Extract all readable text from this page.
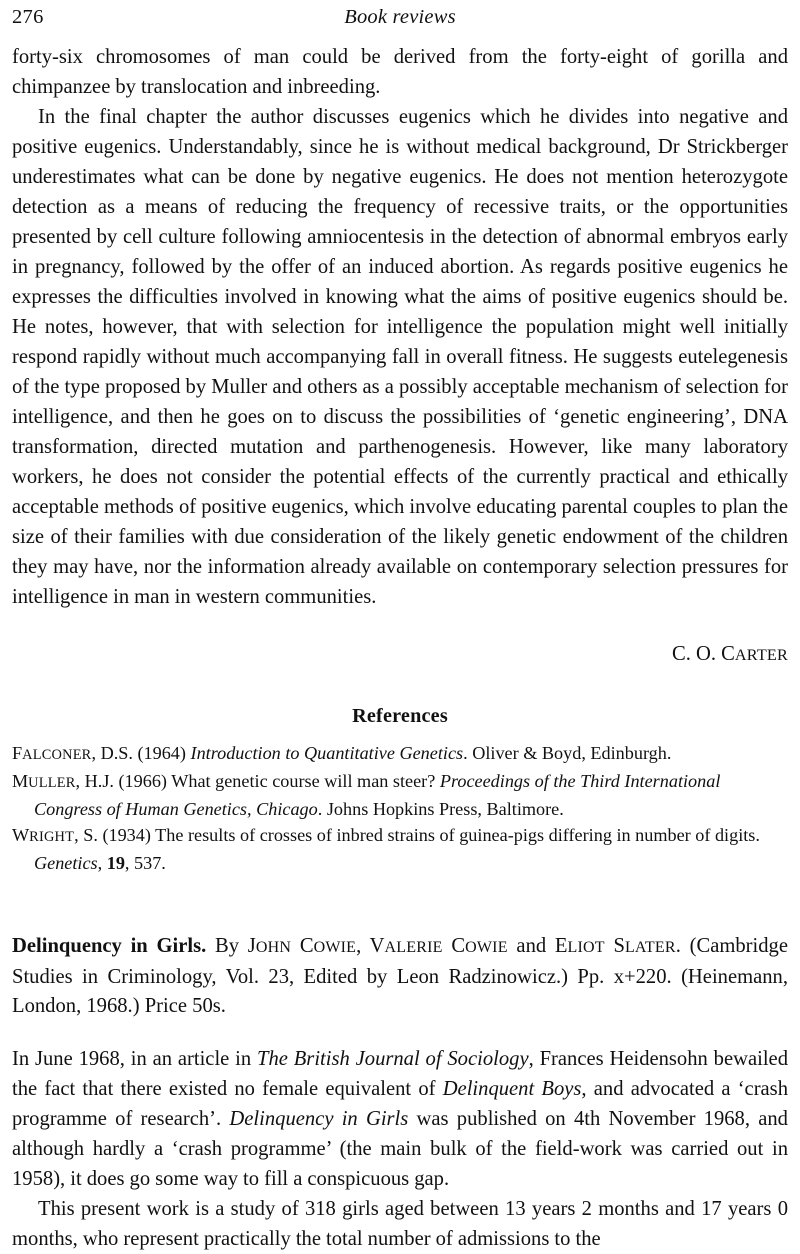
276	Book reviews

forty-six chromosomes of man could be derived from the forty-eight of gorilla and chimpanzee by translocation and inbreeding.

In the final chapter the author discusses eugenics which he divides into negative and positive eugenics. Understandably, since he is without medical background, Dr Strickberger underestimates what can be done by negative eugenics. He does not mention heterozygote detection as a means of reducing the frequency of recessive traits, or the opportunities presented by cell culture following amniocentesis in the detection of abnormal embryos early in pregnancy, followed by the offer of an induced abortion. As regards positive eugenics he expresses the difficulties involved in knowing what the aims of positive eugenics should be. He notes, however, that with selection for intelligence the population might well initially respond rapidly without much accompanying fall in overall fitness. He suggests eutelegenesis of the type proposed by Muller and others as a possibly acceptable mechanism of selection for intelligence, and then he goes on to discuss the possibilities of ‘genetic engineering’, DNA transformation, directed mutation and parthenogenesis. However, like many laboratory workers, he does not consider the potential effects of the currently practical and ethically acceptable methods of positive eugenics, which involve educating parental couples to plan the size of their families with due consideration of the likely genetic endowment of the children they may have, nor the information already available on contemporary selection pressures for intelligence in man in western communities.

C. O. CARTER
References
FALCONER, D.S. (1964) Introduction to Quantitative Genetics. Oliver & Boyd, Edinburgh.
MULLER, H.J. (1966) What genetic course will man steer? Proceedings of the Third International Congress of Human Genetics, Chicago. Johns Hopkins Press, Baltimore.
WRIGHT, S. (1934) The results of crosses of inbred strains of guinea-pigs differing in number of digits. Genetics, 19, 537.
Delinquency in Girls. By JOHN COWIE, VALERIE COWIE and ELIOT SLATER. (Cambridge Studies in Criminology, Vol. 23, Edited by Leon Radzinowicz.) Pp. x+220. (Heinemann, London, 1968.) Price 50s.

In June 1968, in an article in The British Journal of Sociology, Frances Heidensohn bewailed the fact that there existed no female equivalent of Delinquent Boys, and advocated a ‘crash programme of research’. Delinquency in Girls was published on 4th November 1968, and although hardly a ‘crash programme’ (the main bulk of the field-work was carried out in 1958), it does go some way to fill a conspicuous gap.

This present work is a study of 318 girls aged between 13 years 2 months and 17 years 0 months, who represent practically the total number of admissions to the
